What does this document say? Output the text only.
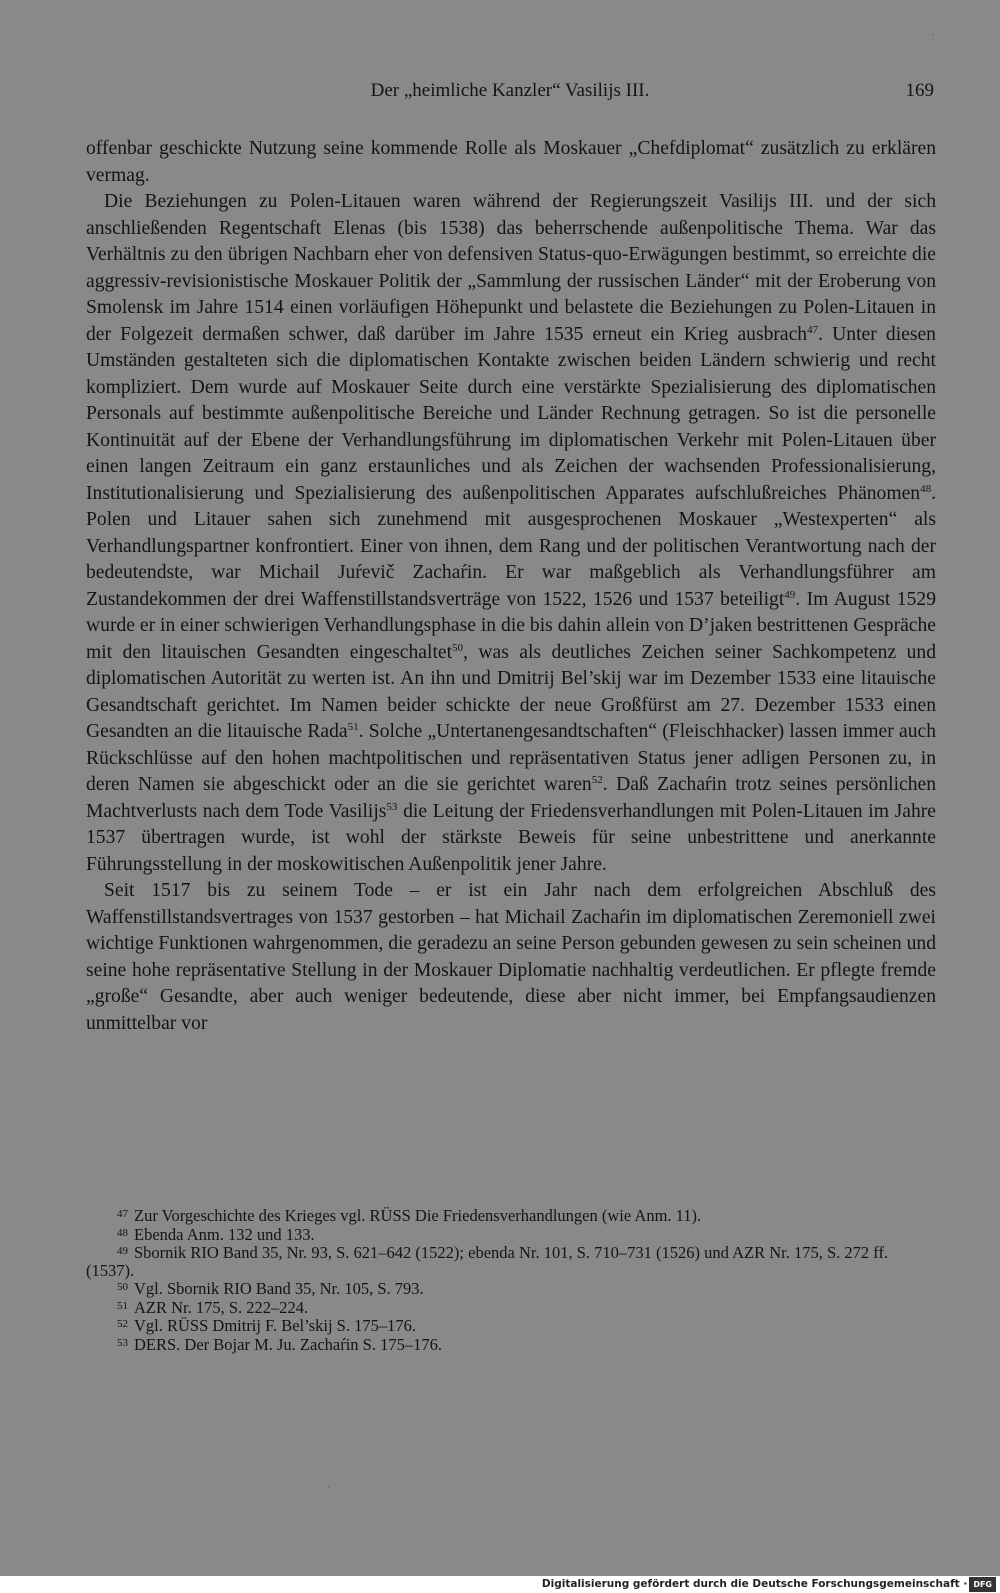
Der „heimliche Kanzler“ Vasilijs III.	169

offenbar geschickte Nutzung seine kommende Rolle als Moskauer „Chefdiplomat“ zusätzlich zu erklären vermag.

Die Beziehungen zu Polen-Litauen waren während der Regierungszeit Vasilijs III. und der sich anschließenden Regentschaft Elenas (bis 1538) das beherrschende außenpolitische Thema. War das Verhältnis zu den übrigen Nachbarn eher von defensiven Status-quo-Erwägungen bestimmt, so erreichte die aggressiv-revisionistische Moskauer Politik der „Sammlung der russischen Länder“ mit der Eroberung von Smolensk im Jahre 1514 einen vorläufigen Höhepunkt und belastete die Beziehungen zu Polen-Litauen in der Folgezeit dermaßen schwer, daß darüber im Jahre 1535 erneut ein Krieg ausbrach$^{47}$. Unter diesen Umständen gestalteten sich die diplomatischen Kontakte zwischen beiden Ländern schwierig und recht kompliziert. Dem wurde auf Moskauer Seite durch eine verstärkte Spezialisierung des diplomatischen Personals auf bestimmte außenpolitische Bereiche und Länder Rechnung getragen. So ist die personelle Kontinuität auf der Ebene der Verhandlungsführung im diplomatischen Verkehr mit Polen-Litauen über einen langen Zeitraum ein ganz erstaunliches und als Zeichen der wachsenden Professionalisierung, Institutionalisierung und Spezialisierung des außenpolitischen Apparates aufschlußreiches Phänomen$^{48}$. Polen und Litauer sahen sich zunehmend mit ausgesprochenen Moskauer „Westexperten“ als Verhandlungspartner konfrontiert. Einer von ihnen, dem Rang und der politischen Verantwortung nach der bedeutendste, war Michail Juŕevič Zachaŕin. Er war maßgeblich als Verhandlungsführer am Zustandekommen der drei Waffenstillstandsverträge von 1522, 1526 und 1537 beteiligt$^{49}$. Im August 1529 wurde er in einer schwierigen Verhandlungsphase in die bis dahin allein von D’jaken bestrittenen Gespräche mit den litauischen Gesandten eingeschaltet$^{50}$, was als deutliches Zeichen seiner Sachkompetenz und diplomatischen Autorität zu werten ist. An ihn und Dmitrij Bel’skij war im Dezember 1533 eine litauische Gesandtschaft gerichtet. Im Namen beider schickte der neue Großfürst am 27. Dezember 1533 einen Gesandten an die litauische Rada$^{51}$. Solche „Untertanengesandtschaften“ (Fleischhacker) lassen immer auch Rückschlüsse auf den hohen machtpolitischen und repräsentativen Status jener adligen Personen zu, in deren Namen sie abgeschickt oder an die sie gerichtet waren$^{52}$. Daß Zachaŕin trotz seines persönlichen Machtverlusts nach dem Tode Vasilijs$^{53}$ die Leitung der Friedensverhandlungen mit Polen-Litauen im Jahre 1537 übertragen wurde, ist wohl der stärkste Beweis für seine unbestrittene und anerkannte Führungsstellung in der moskowitischen Außenpolitik jener Jahre.

Seit 1517 bis zu seinem Tode – er ist ein Jahr nach dem erfolgreichen Abschluß des Waffenstillstandsvertrages von 1537 gestorben – hat Michail Zachaŕin im diplomatischen Zeremoniell zwei wichtige Funktionen wahrgenommen, die geradezu an seine Person gebunden gewesen zu sein scheinen und seine hohe repräsentative Stellung in der Moskauer Diplomatie nachhaltig verdeutlichen. Er pflegte fremde „große“ Gesandte, aber auch weniger bedeutende, diese aber nicht immer, bei Empfangsaudienzen unmittelbar vor

47 Zur Vorgeschichte des Krieges vgl. RÜSS Die Friedensverhandlungen (wie Anm. 11).

48 Ebenda Anm. 132 und 133.

49 Sbornik RIO Band 35, Nr. 93, S. 621–642 (1522); ebenda Nr. 101, S. 710–731 (1526) und AZR Nr. 175, S. 272 ff. (1537).

50 Vgl. Sbornik RIO Band 35, Nr. 105, S. 793.

51 AZR Nr. 175, S. 222–224.

52 Vgl. RÜSS Dmitrij F. Bel’skij S. 175–176.

53 DERS. Der Bojar M. Ju. Zachaŕin S. 175–176.

Digitalisierung gefördert durch die Deutsche Forschungsgemeinschaft · DFG
